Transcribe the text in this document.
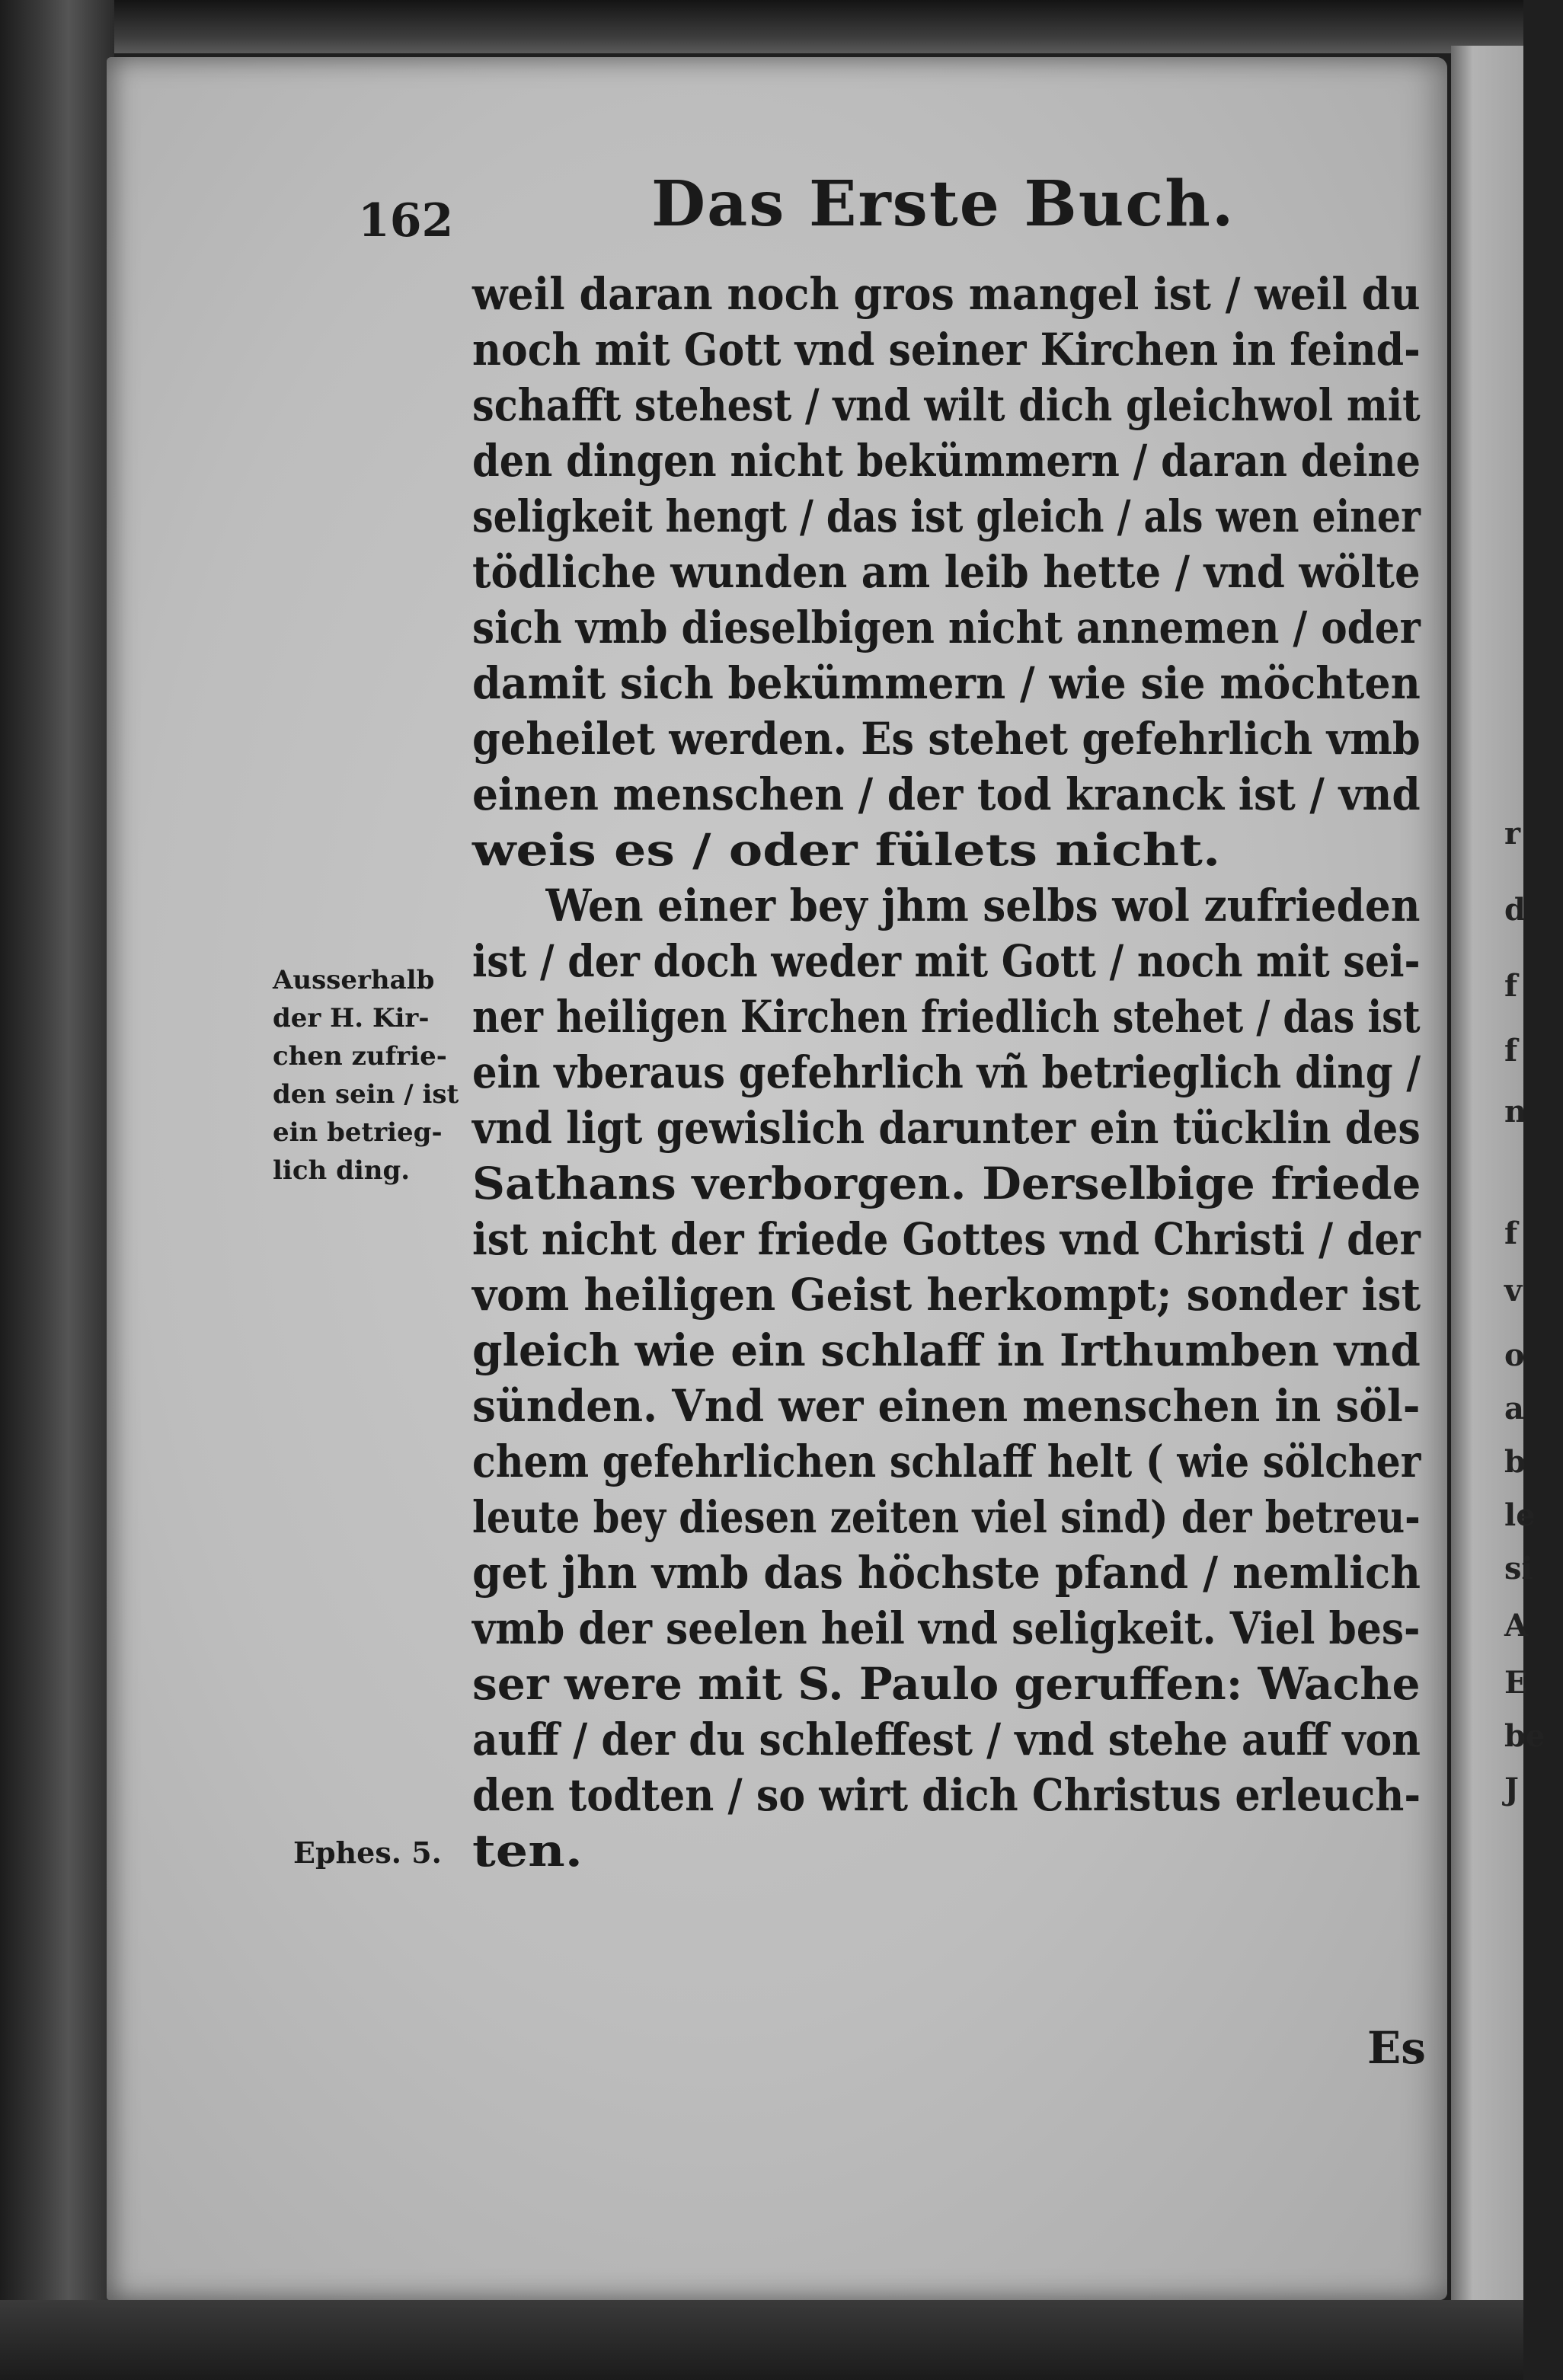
r
d
f
f
n
f
v
o
a
b
le
si
A
E
be
J
162	Das Erste Buch.
weil daran noch gros mangel ist / weil du
noch mit Gott vnd seiner Kirchen in feind-
schafft stehest / vnd wilt dich gleichwol mit
den dingen nicht bekümmern / daran deine
seligkeit hengt / das ist gleich / als wen einer
tödliche wunden am leib hette / vnd wölte
sich vmb dieselbigen nicht annemen / oder
damit sich bekümmern / wie sie möchten
geheilet werden. Es stehet gefehrlich vmb
einen menschen / der tod kranck ist / vnd
weis es / oder fülets nicht.
Wen einer bey jhm selbs wol zufrieden
ist / der doch weder mit Gott / noch mit sei-
ner heiligen Kirchen friedlich stehet / das ist
ein vberaus gefehrlich vñ betrieglich ding /
vnd ligt gewislich darunter ein tücklin des
Sathans verborgen. Derselbige friede
ist nicht der friede Gottes vnd Christi / der
vom heiligen Geist herkompt; sonder ist
gleich wie ein schlaff in Irthumben vnd
sünden. Vnd wer einen menschen in söl-
chem gefehrlichen schlaff helt ( wie sölcher
leute bey diesen zeiten viel sind) der betreu-
get jhn vmb das höchste pfand / nemlich
vmb der seelen heil vnd seligkeit. Viel bes-
ser were mit S. Paulo geruffen: Wache
auff / der du schleffest / vnd stehe auff von
den todten / so wirt dich Christus erleuch-
ten.
Es
Ausserhalb
der H. Kir-
chen zufrie-
den sein / ist
ein betrieg-
lich ding.
Ephes. 5.
